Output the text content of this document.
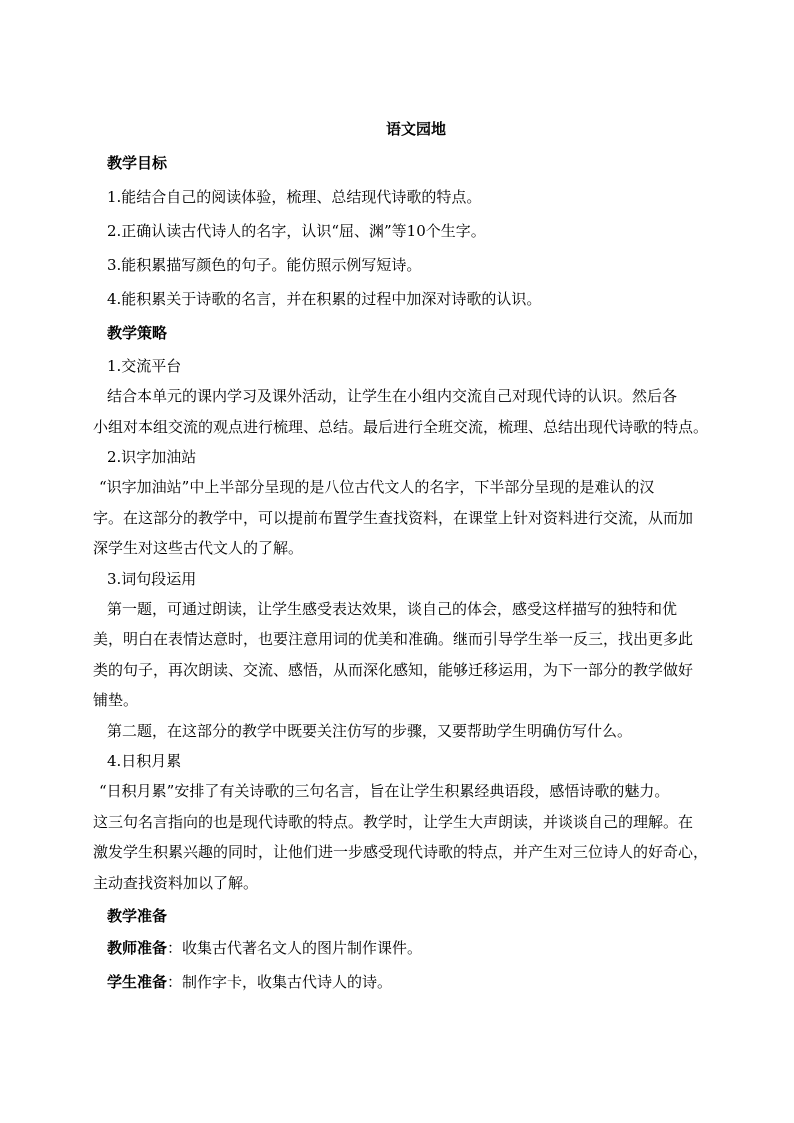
语文园地
教学目标
1.能结合自己的阅读体验，梳理、总结现代诗歌的特点。
2.正确认读古代诗人的名字，认识“屈、渊”等10个生字。
3.能积累描写颜色的句子。能仿照示例写短诗。
4.能积累关于诗歌的名言，并在积累的过程中加深对诗歌的认识。
教学策略
1.交流平台

结合本单元的课内学习及课外活动，让学生在小组内交流自己对现代诗的认识。然后各

小组对本组交流的观点进行梳理、总结。最后进行全班交流，梳理、总结出现代诗歌的特点。

2.识字加油站

“识字加油站”中上半部分呈现的是八位古代文人的名字，下半部分呈现的是难认的汉

字。在这部分的教学中，可以提前布置学生查找资料，在课堂上针对资料进行交流，从而加

深学生对这些古代文人的了解。

3.词句段运用

第一题，可通过朗读，让学生感受表达效果，谈自己的体会，感受这样描写的独特和优

美，明白在表情达意时，也要注意用词的优美和准确。继而引导学生举一反三，找出更多此

类的句子，再次朗读、交流、感悟，从而深化感知，能够迁移运用，为下一部分的教学做好

铺垫。

第二题，在这部分的教学中既要关注仿写的步骤，又要帮助学生明确仿写什么。

4.日积月累

“日积月累”安排了有关诗歌的三句名言，旨在让学生积累经典语段，感悟诗歌的魅力。

这三句名言指向的也是现代诗歌的特点。教学时，让学生大声朗读，并谈谈自己的理解。在

激发学生积累兴趣的同时，让他们进一步感受现代诗歌的特点，并产生对三位诗人的好奇心，

主动查找资料加以了解。

教学准备
教师准备：收集古代著名文人的图片制作课件。
学生准备：制作字卡，收集古代诗人的诗。
